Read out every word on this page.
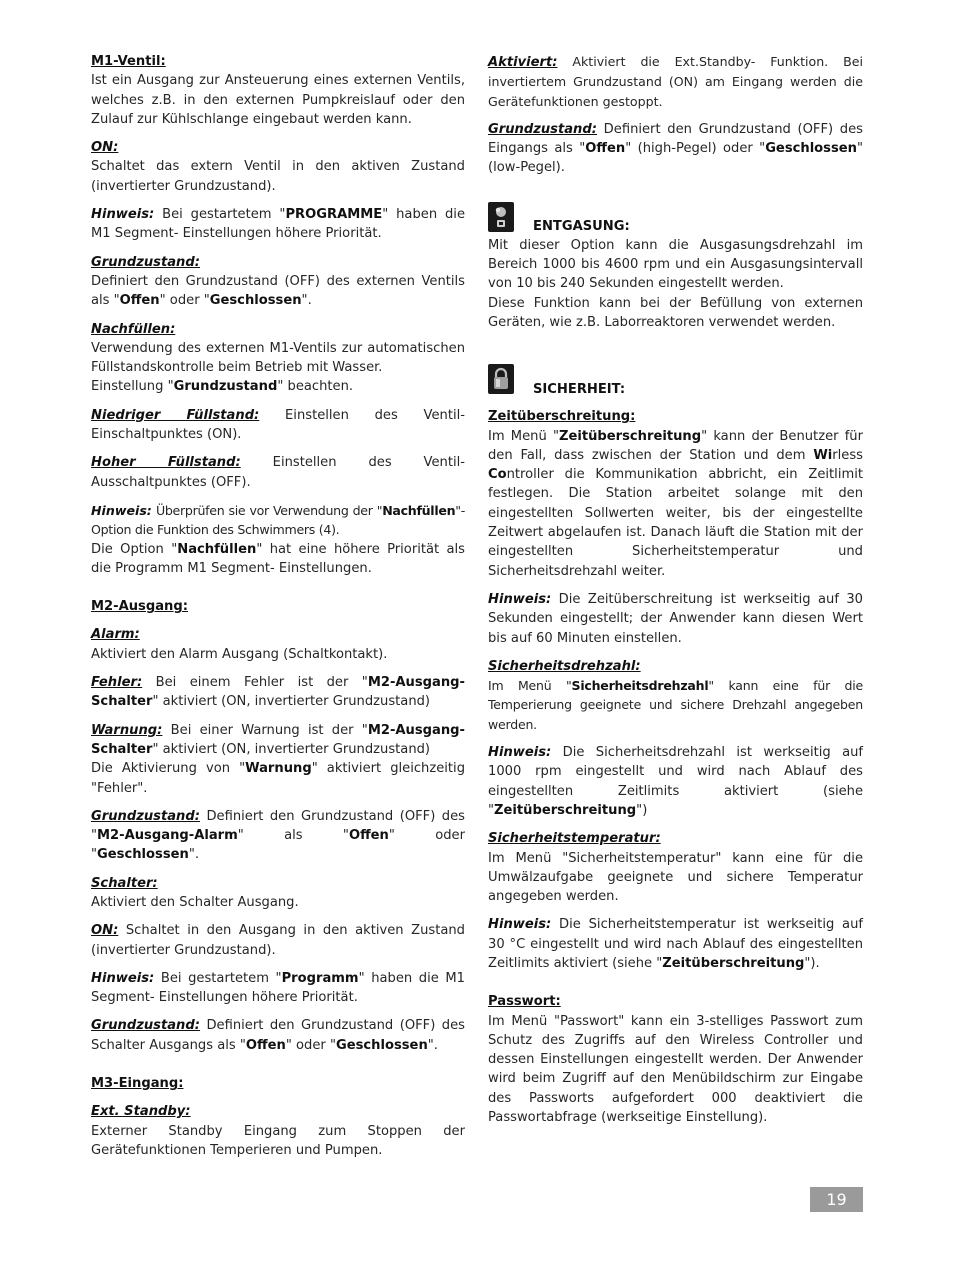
M1-Ventil:

Ist ein Ausgang zur Ansteuerung eines externen Ventils, welches z.B. in den externen Pumpkreislauf oder den Zulauf zur Kühlschlange eingebaut werden kann.

ON:

Schaltet das extern Ventil in den aktiven Zustand (invertierter Grundzustand).

Hinweis: Bei gestartetem "PROGRAMME" haben die M1 Segment- Einstellungen höhere Priorität.

Grundzustand:

Definiert den Grundzustand (OFF) des externen Ventils als "Offen" oder "Geschlossen".

Nachfüllen:

Verwendung des externen M1-Ventils zur automatischen Füllstandskontrolle beim Betrieb mit Wasser.

Einstellung "Grundzustand" beachten.

Niedriger Füllstand: Einstellen des Ventil- Einschaltpunktes (ON).

Hoher Füllstand: Einstellen des Ventil- Ausschaltpunktes (OFF).

Hinweis: Überprüfen sie vor Verwendung der "Nachfüllen"-Option die Funktion des Schwimmers (4).

Die Option "Nachfüllen" hat eine höhere Priorität als die Programm M1 Segment- Einstellungen.

M2-Ausgang:

Alarm:

Aktiviert den Alarm Ausgang (Schaltkontakt).

Fehler: Bei einem Fehler ist der "M2-Ausgang-Schalter" aktiviert (ON, invertierter Grundzustand)

Warnung: Bei einer Warnung ist der "M2-Ausgang-Schalter" aktiviert (ON, invertierter Grundzustand)

Die Aktivierung von "Warnung" aktiviert gleichzeitig "Fehler".

Grundzustand: Definiert den Grundzustand (OFF) des "M2-Ausgang-Alarm" als "Offen" oder "Geschlossen".

Schalter:

Aktiviert den Schalter Ausgang.

ON: Schaltet in den Ausgang in den aktiven Zustand (invertierter Grundzustand).

Hinweis: Bei gestartetem "Programm" haben die M1 Segment- Einstellungen höhere Priorität.

Grundzustand: Definiert den Grundzustand (OFF) des Schalter Ausgangs als "Offen" oder "Geschlossen".

M3-Eingang:

Ext. Standby:

Externer Standby Eingang zum Stoppen der Gerätefunktionen Temperieren und Pumpen.

Aktiviert: Aktiviert die Ext.Standby- Funktion. Bei invertiertem Grundzustand (ON) am Eingang werden die Gerätefunktionen gestoppt.

Grundzustand: Definiert den Grundzustand (OFF) des Eingangs als "Offen" (high-Pegel) oder "Geschlossen" (low-Pegel).

ENTGASUNG:

Mit dieser Option kann die Ausgasungsdrehzahl im Bereich 1000 bis 4600 rpm und ein Ausgasungsintervall von 10 bis 240 Sekunden eingestellt werden.

Diese Funktion kann bei der Befüllung von externen Geräten, wie z.B. Laborreaktoren verwendet werden.

SICHERHEIT:

Zeitüberschreitung:

Im Menü "Zeitüberschreitung" kann der Benutzer für den Fall, dass zwischen der Station und dem Wirless Controller die Kommunikation abbricht, ein Zeitlimit festlegen. Die Station arbeitet solange mit den eingestellten Sollwerten weiter, bis der eingestellte Zeitwert abgelaufen ist. Danach läuft die Station mit der eingestellten Sicherheitstemperatur und Sicherheitsdrehzahl weiter.

Hinweis: Die Zeitüberschreitung ist werkseitig auf 30 Sekunden eingestellt; der Anwender kann diesen Wert bis auf 60 Minuten einstellen.

Sicherheitsdrehzahl:

Im Menü "Sicherheitsdrehzahl" kann eine für die Temperierung geeignete und sichere Drehzahl angegeben werden.

Hinweis: Die Sicherheitsdrehzahl ist werkseitig auf 1000 rpm eingestellt und wird nach Ablauf des eingestellten Zeitlimits aktiviert (siehe "Zeitüberschreitung")

Sicherheitstemperatur:

Im Menü "Sicherheitstemperatur" kann eine für die Umwälzaufgabe geeignete und sichere Temperatur angegeben werden.

Hinweis: Die Sicherheitstemperatur ist werkseitig auf 30 °C eingestellt und wird nach Ablauf des eingestellten Zeitlimits aktiviert (siehe "Zeitüberschreitung").

Passwort:

Im Menü "Passwort" kann ein 3-stelliges Passwort zum Schutz des Zugriffs auf den Wireless Controller und dessen Einstellungen eingestellt werden. Der Anwender wird beim Zugriff auf den Menübildschirm zur Eingabe des Passworts aufgefordert 000 deaktiviert die Passwortabfrage (werkseitige Einstellung).

19
